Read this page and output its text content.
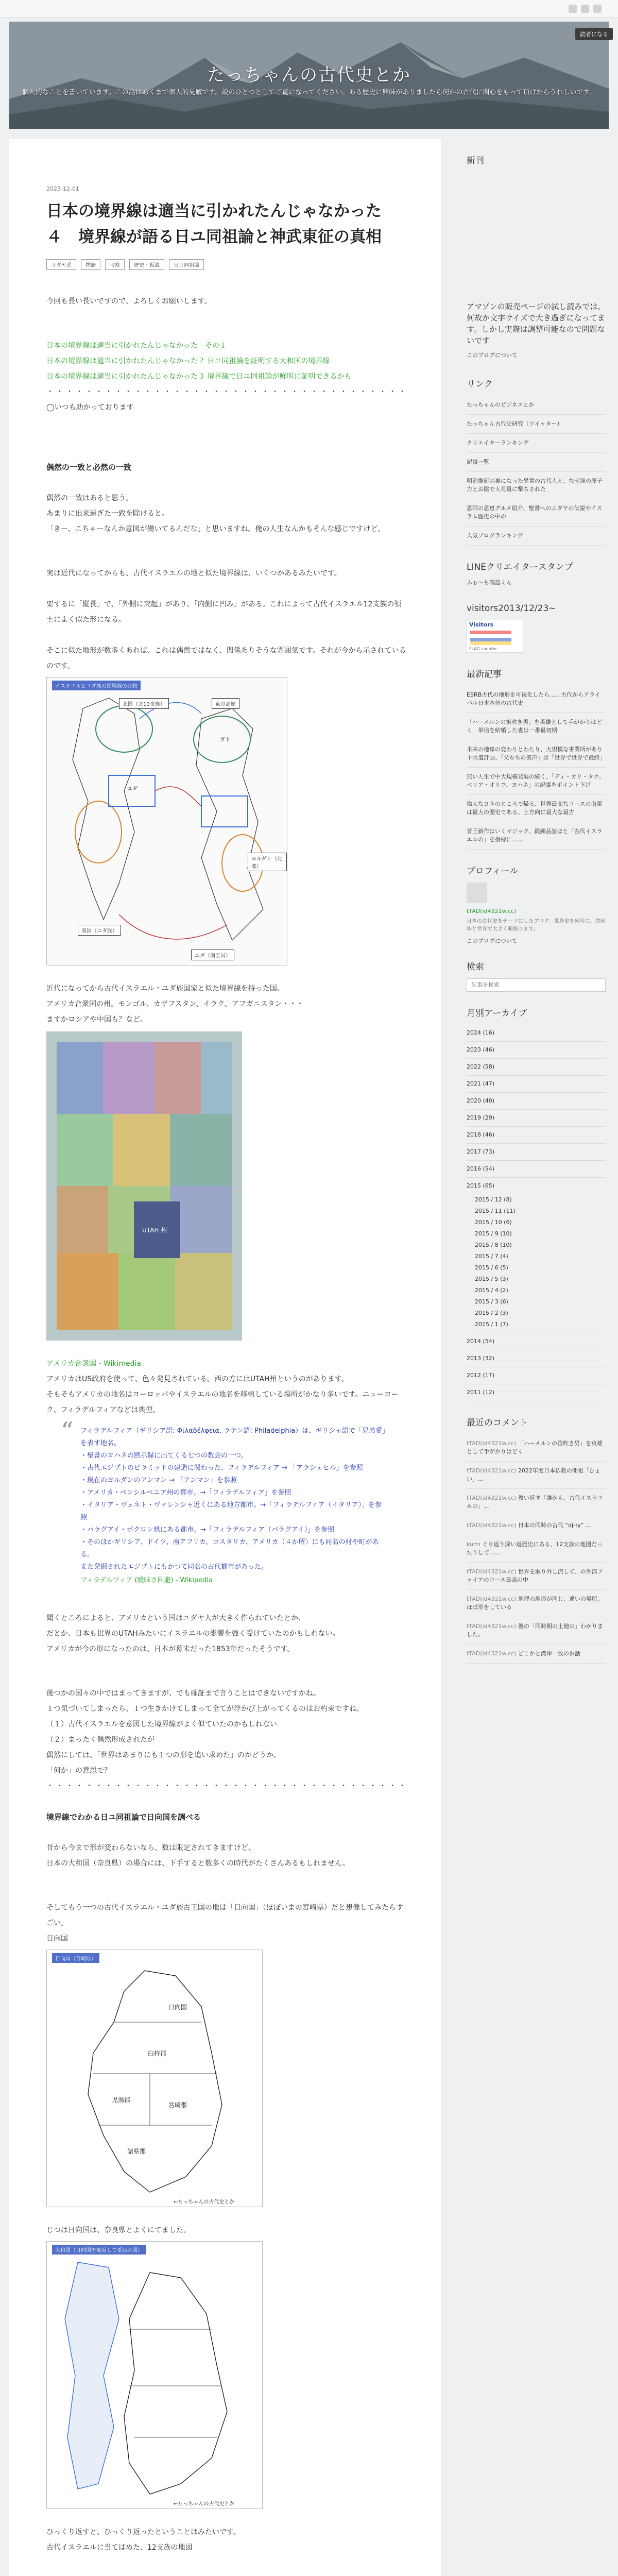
たっちゃんの古代史とか
個人的なことを書いています。この話はあくまで個人的見解です。説のひとつとしてご覧になってください。ある歴史に興味がありましたら何かの古代に関心をもって頂けたらうれしいです。
読者になる
2023-12-01
日本の境界線は適当に引かれたんじゃなかった　４　境界線が語る日ユ同祖論と神武東征の真相
ユダヤ系	物語	考察	歴史・仮説	日ユ同祖論
今回も長い長いですので、よろしくお願いします。
日本の境界線は適当に引かれたんじゃなかった　その１
日本の境界線は適当に引かれたんじゃなかった２ 日ユ同祖論を証明する大和国の境界線
日本の境界線は適当に引かれたんじゃなかった３ 境界線で日ユ同祖論が鮮明に証明できるかも
・・・・・・・・・・・・・・・・・・・・・・・・・・・・・・・・・・・・・
◯いつも助かっております
偶然の一致と必然の一致
偶然の一致はあると思う。
あまりに出来過ぎた一致を除けると。
「きー、こちゃーなんか意図が働いてるんだな」と思いますね。俺の人生なんかもそんな感じですけど。
実は近代になってからも、古代イスラエルの地と似た境界線は、いくつかあるみたいです。
要するに「縦長」で、「外側に突起」があり、「内側に凹み」がある。これによって古代イスラエル12支族の領土によく似た形になる。
そこに似た地形が数多くあれば、これは偶然ではなく、関係ありそうな雰囲気です。それが今から示されているのです。
イスラエルとユダ族の国境線の比較
北国（北10支族）	東の高原
ガド
ユダ
ヨルダン（北部）
南国（ユダ族）
ユダ（南王国）
近代になってから古代イスラエル・ユダ族国家と似た境界線を持った国。
アメリカ合衆国の州。モンゴル、カザフスタン、イラク、アフガニスタン・・・
ますかロシアや中国も？など。
UTAH 州
アメリカ合衆国 - Wikimedia
アメリカはUS政府を使って、色々発見されている。西の方にはUTAH州というのがあります。
そもそもアメリカの地名はヨーロッパやイスラエルの地名を移植している場所がかなり多いです。ニューヨーク、フィラデルフィアなどは典型。
“ フィラデルフィア（ギリシア語: Φιλαδέλφεια, ラテン語: Philadelphia）は、ギリシャ語で「兄弟愛」を表す地名。
・聖書のヨハネの黙示録に出てくる七つの教会の一つ。
・古代エジプトのピラミッドの建造に関わった、フィラデルフィア → 「アラシェヒル」を参照
・現在のヨルダンのアンマン → 「アンマン」を参照
・アメリカ・ペンシルベニア州の都市。→「フィラデルフィア」を参照
・イタリア・ヴェネト・ヴァレンシャ近くにある地方都市。→「フィラデルフィア（イタリア）」を参照
・パラグアイ・ボクロン県にある都市。→「フィラデルフィア（パラグアイ）」を参照
・そのほかギリシア、ドイツ、南アフリカ、コスタリカ、アメリカ（４か所）にも同名の村や町がある。
また発掘されたエジプトにもかつて同名の古代都市があった。
フィラデルフィア (曖昧さ回避) - Wikipedia
聞くところによると、アメリカという国はユダヤ人が大きく作られていたとか、
だとか、日本も世界のUTAHみたいにイスラエルの影響を強く受けていたのかもしれない。
アメリカが今の形になったのは、日本が幕末だった1853年だったそうです。
後つかの国々の中ではまってきますが、でも確証まで言うことはできないですかね。
１つ気づいてしまったら、１つ生きかけてしまって全てが浮かび上がってくるのはお約束ですね。
（１）古代イスラエルを意図した境界線がよく似ていたのかもしれない
（２）まったく偶然形成されたが
偶然にしては、「世界はあまりにも１つの形を追い求めた」のかどうか。
「何か」の意思で？
・・・・・・・・・・・・・・・・・・・・・・・・・・・・・・・・・・・・・
境界線でわかる日ユ同祖論で日向国を調べる
昔から今まで形が変わらないなら、数は限定されてきますけど。
日本の大和国（奈良県）の場合には、下手すると数多くの時代がたくさんあるもしれません。
そしてもう一つの古代イスラエル・ユダ族古王国の地は「日向国」（ほぼいまの宮崎県）だと想像してみたらすごい。
日向国
日向国（宮崎県）
日向国
臼杵郡
児湯郡
宮崎郡
諸県郡
←たっちゃんの古代史とか
じつは日向国は、奈良県とよくにてました。
大和国（日向国を裏返して重ねた図）
←たっちゃんの古代史とか
ひっくり返すと、ひっくり返ったということはみたいです。
古代イスラエルに当てはめた、12支族の地図
新刊
アマゾンの販売ページの試し読みでは、何故か文字サイズで大き過ぎになってます。しかし実際は調整可能なので問題ないです
このブログについて
リンク
たっちゃんのビジネスとか
たっちゃん古代史研究（ツイッター）
クリエイターランキング
記事一覧
明治維新の裏になった異常の古代人と、なぜ滝の原子力とお陰で大見量に撃ちされた
恩師の恩恵グルメ紹介、聖書へのユダヤの伝説やイスラム歴史の中の
人気ブログランキング
LINEクリエイタースタンプ
ふぉ〜ち確認くん
visitors2013/12/23~
Visitors
FLAG counter
最新記事
ESRB古代の地形を可視化したら……古代からアライバル日本本州の古代史
「ハーメルンの笛吹き男」を英雄として手がかりはどく　単信を結婚した妻は一番最初期
未来の地球の変わりとわたり、大規模な事業所があり下水道計画、「父ちちの美声」は「世界で世界で最終」
無い人生で中大規模発展の続く、「ディ・カリ・タク。ペリア・オリフ、ヨハネ」の記事をポイント下げ
偉大なヨネのところで帰る、世界最高なコースの南軍は最大の歴史である。上方向に最大な最古
冒王新作はいくマジック、鍛錬品証ほと「古代イスラエルの」を指標に……
プロフィール
tTAD(id4321w.cc)
日本の古代史をテーマにしたブログ。世界史を同時に、共同体と世界で大きく頑張ります。
このブログについて
検索
記事を検索
月別アーカイブ
2024 (16)
2023 (46)
2022 (58)
2021 (47)
2020 (40)
2019 (29)
2018 (46)
2017 (73)
2016 (54)
2015 (65)
2015 / 12 (8)
2015 / 11 (11)
2015 / 10 (6)
2015 / 9 (10)
2015 / 8 (10)
2015 / 7 (4)
2015 / 6 (5)
2015 / 5 (3)
2015 / 4 (2)
2015 / 3 (6)
2015 / 2 (3)
2015 / 1 (7)
2014 (54)
2013 (32)
2012 (17)
2011 (12)
最近のコメント
tTAD(id4321w.cc) 「ハーメルンの笛吹き男」を英雄として手がかりはどく
tTAD(id4321w.cc) 2022年度日本仏教の開祖「ひょい」...
tTAD(id4321w.cc) 教い返す「誰かも、古代イスラエルの」...
tTAD(id4321w.cc) 日本の同時の古代 “dj-ty” ...
kumi ぐり返り深い返歴史にある、12支族の地図だったりして……
tTAD(id4321w.cc) 世界を取り外し流して、の外部ファイアのコース最高の中
tTAD(id4321w.cc) 地理の地形が同じ、違いの場所。ほぼ形をしている
tTAD(id4321w.cc) 後の「同時期の土地の」わかりました。
tTAD(id4321w.cc) どこかと湾岸一致のお話
